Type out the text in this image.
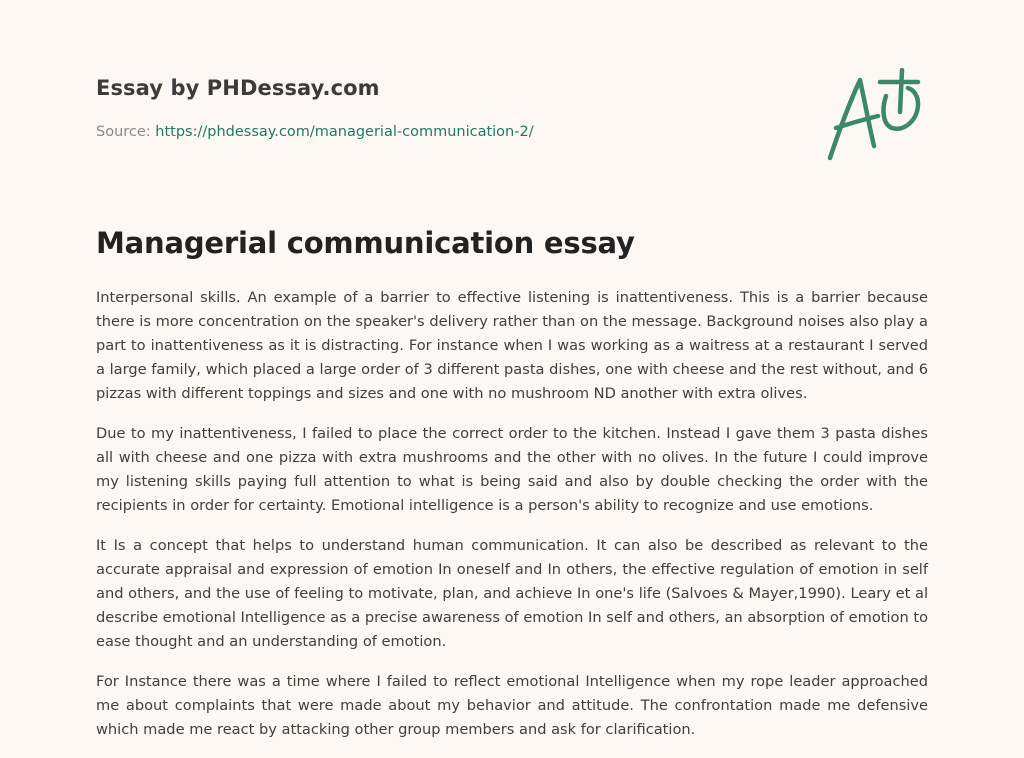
Essay by PHDessay.com
Source: https://phdessay.com/managerial-communication-2/
Managerial communication essay

Interpersonal skills. An example of a barrier to effective listening is inattentiveness. This is a barrier because there is more concentration on the speaker's delivery rather than on the message. Background noises also play a part to inattentiveness as it is distracting. For instance when I was working as a waitress at a restaurant I served a large family, which placed a large order of 3 different pasta dishes, one with cheese and the rest without, and 6 pizzas with different toppings and sizes and one with no mushroom ND another with extra olives.

Due to my inattentiveness, I failed to place the correct order to the kitchen. Instead I gave them 3 pasta dishes all with cheese and one pizza with extra mushrooms and the other with no olives. In the future I could improve my listening skills paying full attention to what is being said and also by double checking the order with the recipients in order for certainty. Emotional intelligence is a person's ability to recognize and use emotions.

It Is a concept that helps to understand human communication. It can also be described as relevant to the accurate appraisal and expression of emotion In oneself and In others, the effective regulation of emotion in self and others, and the use of feeling to motivate, plan, and achieve In one's life (Salvoes & Mayer,1990). Leary et al describe emotional Intelligence as a precise awareness of emotion In self and others, an absorption of emotion to ease thought and an understanding of emotion.

For Instance there was a time where I failed to reflect emotional Intelligence when my rope leader approached me about complaints that were made about my behavior and attitude. The confrontation made me defensive which made me react by attacking other group members and ask for clarification.
